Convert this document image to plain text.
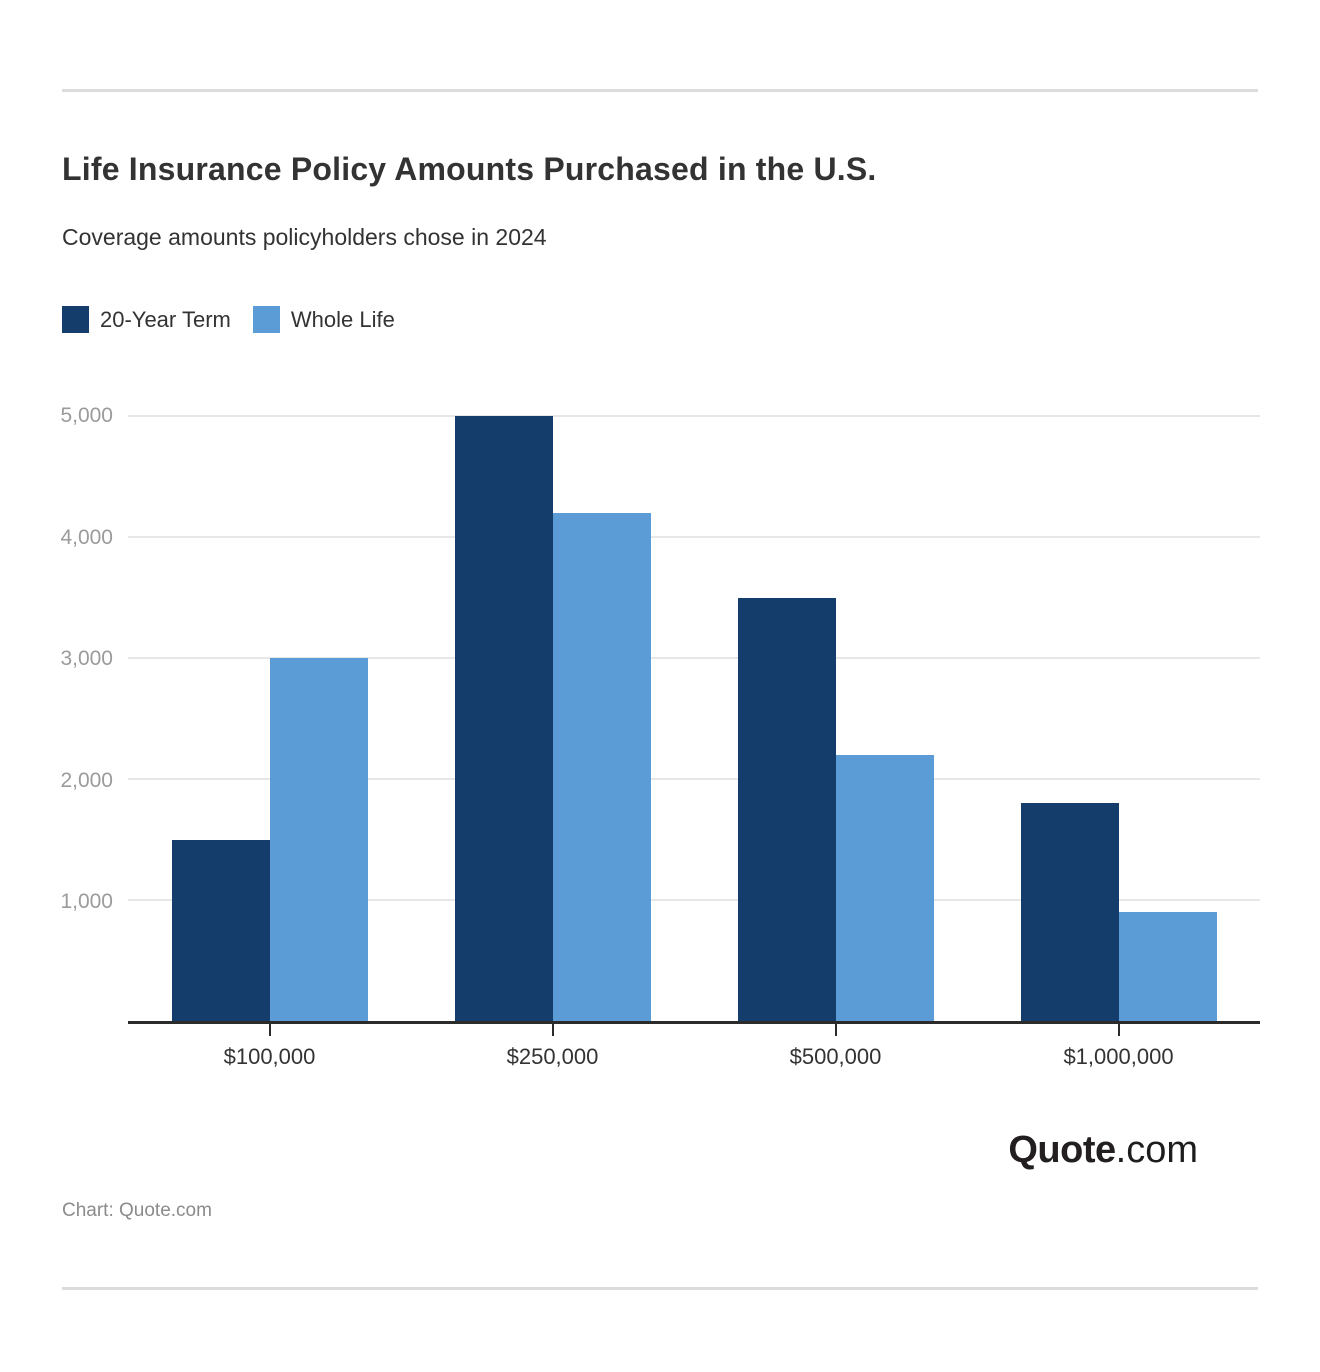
Life Insurance Policy Amounts Purchased in the U.S.
Coverage amounts policyholders chose in 2024
20-Year Term	Whole Life
1,000
2,000
3,000
4,000
5,000
$100,000	$250,000	$500,000	$1,000,000
Quote .com
Chart: Quote.com
